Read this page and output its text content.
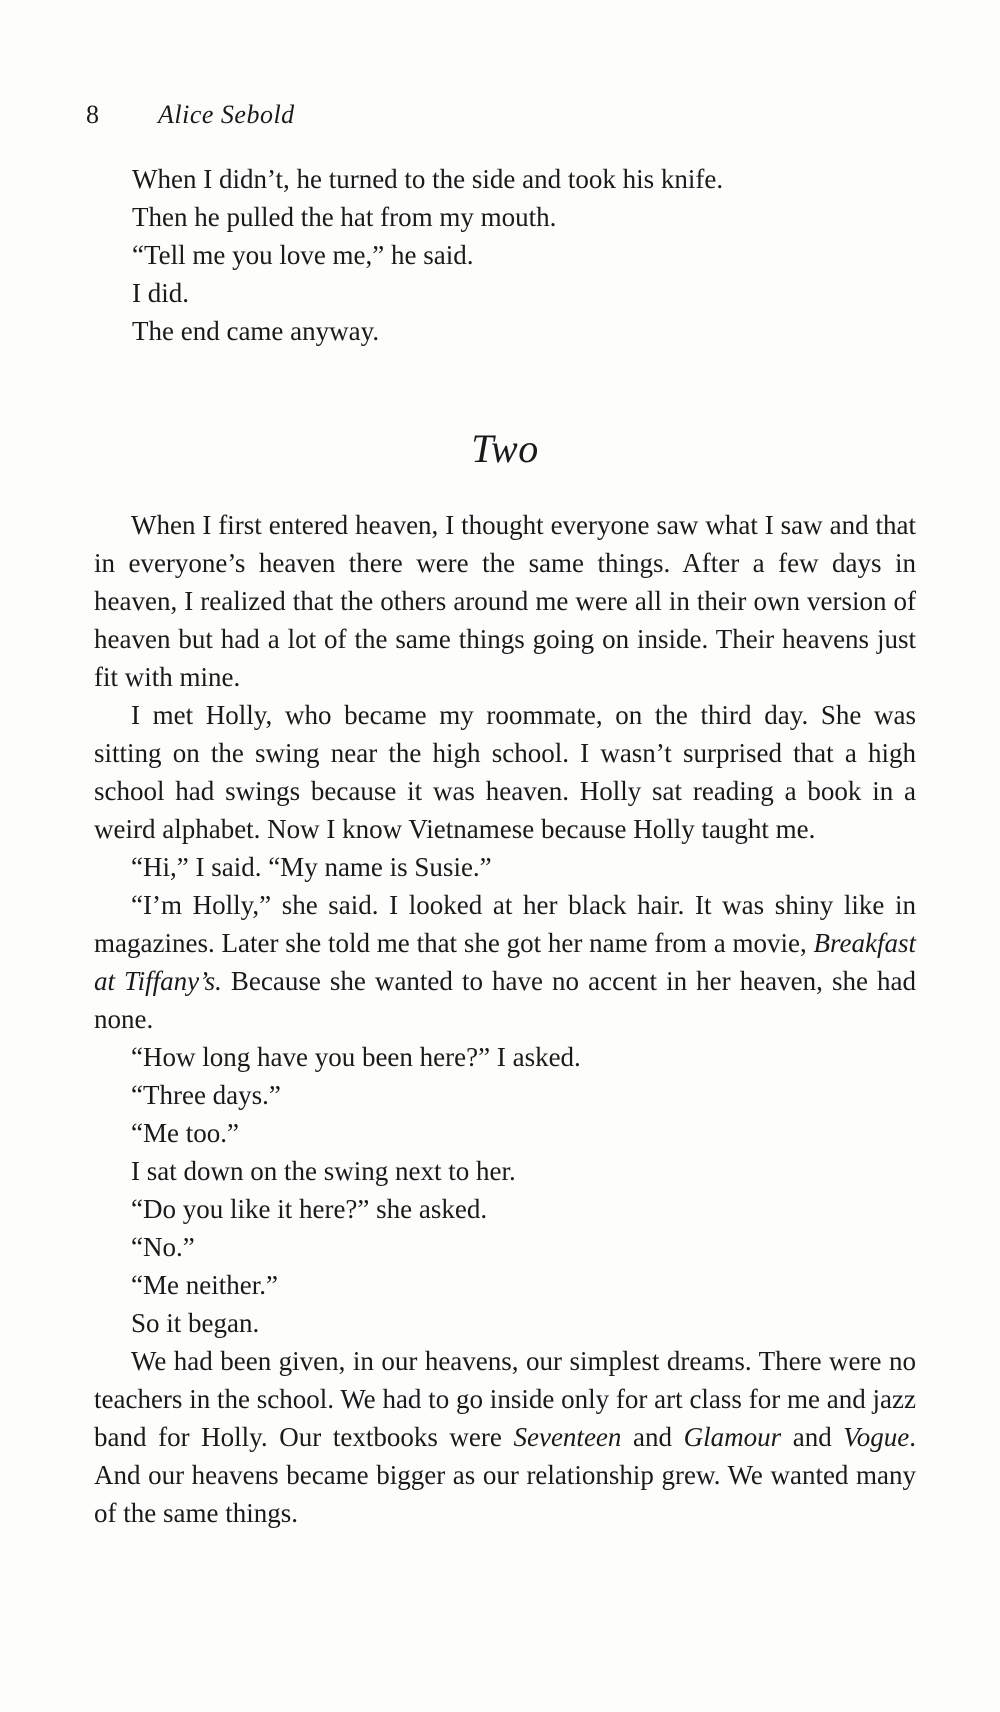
8	Alice Sebold

When I didn’t, he turned to the side and took his knife.

Then he pulled the hat from my mouth.

“Tell me you love me,” he said.

I did.

The end came anyway.

Two

When I first entered heaven, I thought everyone saw what I saw and that in everyone’s heaven there were the same things. After a few days in heaven, I realized that the others around me were all in their own version of heaven but had a lot of the same things going on inside. Their heavens just fit with mine.

I met Holly, who became my roommate, on the third day. She was sitting on the swing near the high school. I wasn’t surprised that a high school had swings because it was heaven. Holly sat reading a book in a weird alphabet. Now I know Vietnamese because Holly taught me.

“Hi,” I said. “My name is Susie.”

“I’m Holly,” she said. I looked at her black hair. It was shiny like in magazines. Later she told me that she got her name from a movie, Breakfast at Tiffany’s. Because she wanted to have no accent in her heaven, she had none.

“How long have you been here?” I asked.

“Three days.”

“Me too.”

I sat down on the swing next to her.

“Do you like it here?” she asked.

“No.”

“Me neither.”

So it began.

We had been given, in our heavens, our simplest dreams. There were no teachers in the school. We had to go inside only for art class for me and jazz band for Holly. Our textbooks were Seventeen and Glamour and Vogue. And our heavens became bigger as our relationship grew. We wanted many of the same things.
